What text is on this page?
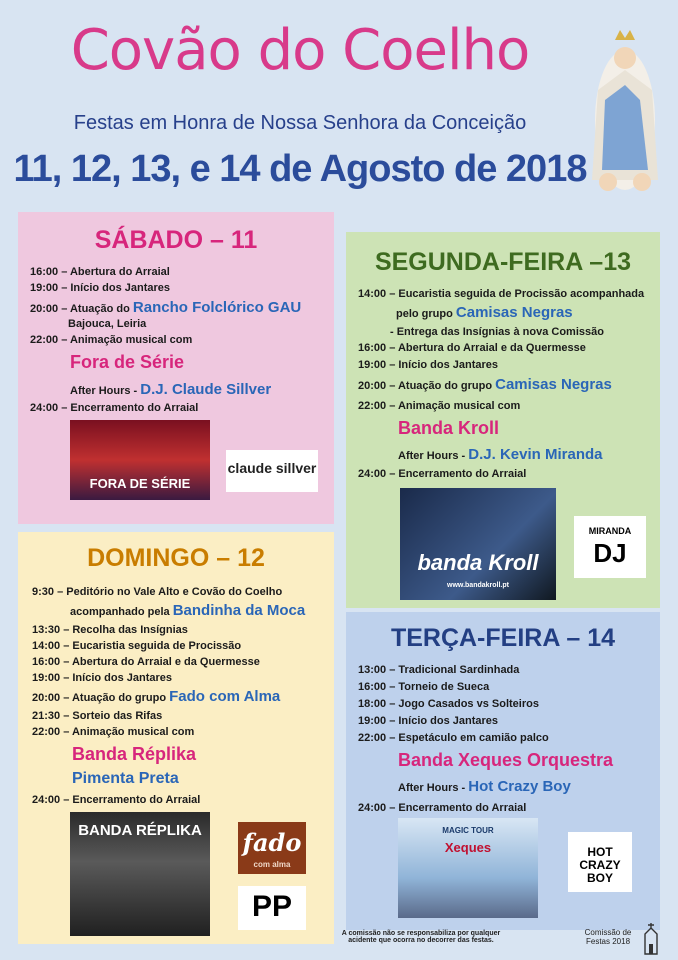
Covão do Coelho
Festas em Honra de Nossa Senhora da Conceição
11, 12, 13, e 14 de Agosto de 2018
SÁBADO – 11
16:00 – Abertura do Arraial
19:00 – Início dos Jantares
20:00 – Atuação do Rancho Folclórico GAU
Bajouca, Leiria
22:00 – Animação musical com
Fora de Série
After Hours - D.J. Claude Sillver
24:00 – Encerramento do Arraial
FORA DE SÉRIE
claude sillver
SEGUNDA-FEIRA –13
14:00 – Eucaristia seguida de Procissão acompanhada
pelo grupo Camisas Negras
- Entrega das Insígnias à nova Comissão
16:00 – Abertura do Arraial e da Quermesse
19:00 – Início dos Jantares
20:00 – Atuação do grupo Camisas Negras
22:00 – Animação musical com
Banda Kroll
After Hours - D.J. Kevin Miranda
24:00 – Encerramento do Arraial
banda Kroll
www.bandakroll.pt
MIRANDA
DJ
DOMINGO – 12
9:30 – Peditório no Vale Alto e Covão do Coelho
acompanhado pela Bandinha da Moca
13:30 – Recolha das Insígnias
14:00 – Eucaristia seguida de Procissão
16:00 – Abertura do Arraial e da Quermesse
19:00 – Início dos Jantares
20:00 – Atuação do grupo Fado com Alma
21:30 – Sorteio das Rifas
22:00 – Animação musical com
Banda Réplika
Pimenta Preta
24:00 – Encerramento do Arraial
BANDA RÉPLIKA	fado
com alma
PP
TERÇA-FEIRA – 14
13:00 – Tradicional Sardinhada
16:00 – Torneio de Sueca
18:00 – Jogo Casados vs Solteiros
19:00 – Início dos Jantares
22:00 – Espetáculo em camião palco
Banda Xeques Orquestra
After Hours - Hot Crazy Boy
24:00 – Encerramento do Arraial
MAGIC TOUR
Xeques	HOT CRAZY BOY
A comissão não se responsabiliza por qualquer
acidente que ocorra no decorrer das festas.
Comissão de
Festas 2018
